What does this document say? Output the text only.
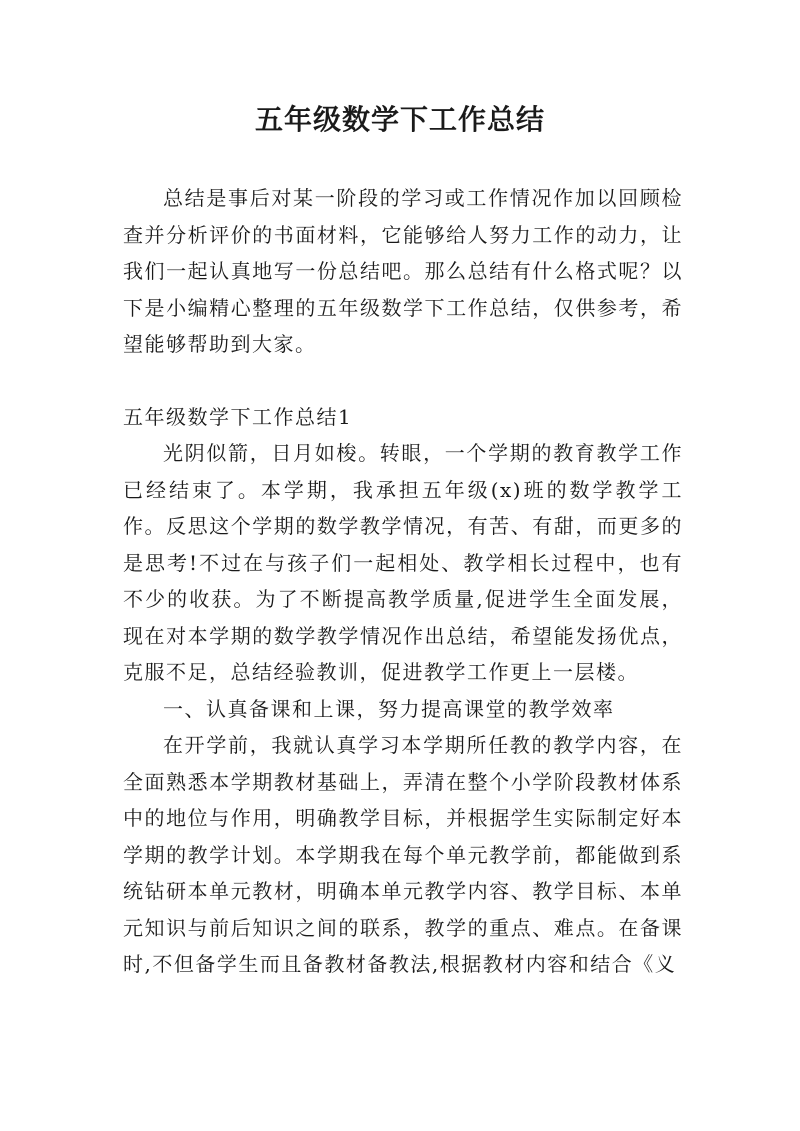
五年级数学下工作总结

总结是事后对某一阶段的学习或工作情况作加以回顾检查并分析评价的书面材料，它能够给人努力工作的动力，让我们一起认真地写一份总结吧。那么总结有什么格式呢？以下是小编精心整理的五年级数学下工作总结，仅供参考，希望能够帮助到大家。

五年级数学下工作总结1

光阴似箭，日月如梭。转眼，一个学期的教育教学工作已经结束了。本学期，我承担五年级(x)班的数学教学工作。反思这个学期的数学教学情况，有苦、有甜，而更多的是思考!不过在与孩子们一起相处、教学相长过程中，也有不少的收获。为了不断提高教学质量,促进学生全面发展，现在对本学期的数学教学情况作出总结，希望能发扬优点，克服不足，总结经验教训，促进教学工作更上一层楼。

一、认真备课和上课，努力提高课堂的教学效率

在开学前，我就认真学习本学期所任教的教学内容，在全面熟悉本学期教材基础上，弄清在整个小学阶段教材体系中的地位与作用，明确教学目标，并根据学生实际制定好本学期的教学计划。本学期我在每个单元教学前，都能做到系统钻研本单元教材，明确本单元教学内容、教学目标、本单元知识与前后知识之间的联系，教学的重点、难点。在备课时,不但备学生而且备教材备教法,根据教材内容和结合《义
